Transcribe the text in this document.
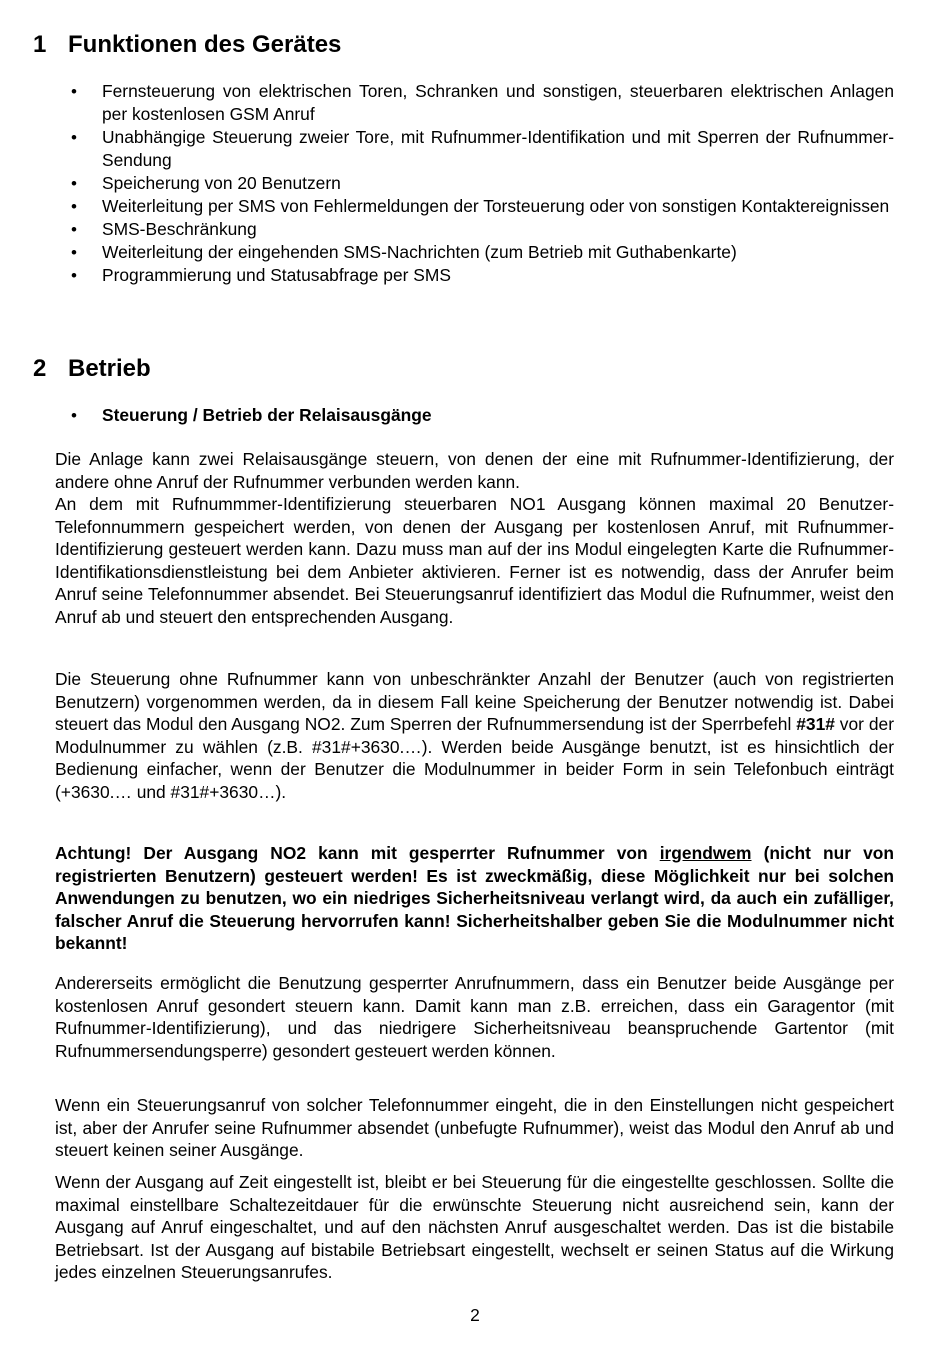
1 Funktionen des Gerätes
• Fernsteuerung von elektrischen Toren, Schranken und sonstigen, steuerbaren elektrischen Anlagen per kostenlosen GSM Anruf
• Unabhängige Steuerung zweier Tore, mit Rufnummer-Identifikation und mit Sperren der Rufnummer-Sendung
• Speicherung von 20 Benutzern
• Weiterleitung per SMS von Fehlermeldungen der Torsteuerung oder von sonstigen Kontaktereignissen
• SMS-Beschränkung
• Weiterleitung der eingehenden SMS-Nachrichten (zum Betrieb mit Guthabenkarte)
• Programmierung und Statusabfrage per SMS
2 Betrieb
• Steuerung / Betrieb der Relaisausgänge

Die Anlage kann zwei Relaisausgänge steuern, von denen der eine mit Rufnummer-Identifizierung, der andere ohne Anruf der Rufnummer verbunden werden kann.

An dem mit Rufnummmer-Identifizierung steuerbaren NO1 Ausgang können maximal 20 Benutzer-Telefonnummern gespeichert werden, von denen der Ausgang per kostenlosen Anruf, mit Rufnummer-Identifizierung gesteuert werden kann. Dazu muss man auf der ins Modul eingelegten Karte die Rufnummer-Identifikationsdienstleistung bei dem Anbieter aktivieren. Ferner ist es notwendig, dass der Anrufer beim Anruf seine Telefonnummer absendet. Bei Steuerungsanruf identifiziert das Modul die Rufnummer, weist den Anruf ab und steuert den entsprechenden Ausgang.

Die Steuerung ohne Rufnummer kann von unbeschränkter Anzahl der Benutzer (auch von registrierten Benutzern) vorgenommen werden, da in diesem Fall keine Speicherung der Benutzer notwendig ist. Dabei steuert das Modul den Ausgang NO2. Zum Sperren der Rufnummersendung ist der Sperrbefehl #31# vor der Modulnummer zu wählen (z.B. #31#+3630.…). Werden beide Ausgänge benutzt, ist es hinsichtlich der Bedienung einfacher, wenn der Benutzer die Modulnummer in beider Form in sein Telefonbuch einträgt (+3630.… und #31#+3630…).

Achtung! Der Ausgang NO2 kann mit gesperrter Rufnummer von irgendwem (nicht nur von registrierten Benutzern) gesteuert werden! Es ist zweckmäßig, diese Möglichkeit nur bei solchen Anwendungen zu benutzen, wo ein niedriges Sicherheitsniveau verlangt wird, da auch ein zufälliger, falscher Anruf die Steuerung hervorrufen kann! Sicherheitshalber geben Sie die Modulnummer nicht bekannt!

Andererseits ermöglicht die Benutzung gesperrter Anrufnummern, dass ein Benutzer beide Ausgänge per kostenlosen Anruf gesondert steuern kann. Damit kann man z.B. erreichen, dass ein Garagentor (mit Rufnummer-Identifizierung), und das niedrigere Sicherheitsniveau beanspruchende Gartentor (mit Rufnummersendungsperre) gesondert gesteuert werden können.

Wenn ein Steuerungsanruf von solcher Telefonnummer eingeht, die in den Einstellungen nicht gespeichert ist, aber der Anrufer seine Rufnummer absendet (unbefugte Rufnummer), weist das Modul den Anruf ab und steuert keinen seiner Ausgänge.

Wenn der Ausgang auf Zeit eingestellt ist, bleibt er bei Steuerung für die eingestellte geschlossen. Sollte die maximal einstellbare Schaltezeitdauer für die erwünschte Steuerung nicht ausreichend sein, kann der Ausgang auf Anruf eingeschaltet, und auf den nächsten Anruf ausgeschaltet werden. Das ist die bistabile Betriebsart. Ist der Ausgang auf bistabile Betriebsart eingestellt, wechselt er seinen Status auf die Wirkung jedes einzelnen Steuerungsanrufes.

2
